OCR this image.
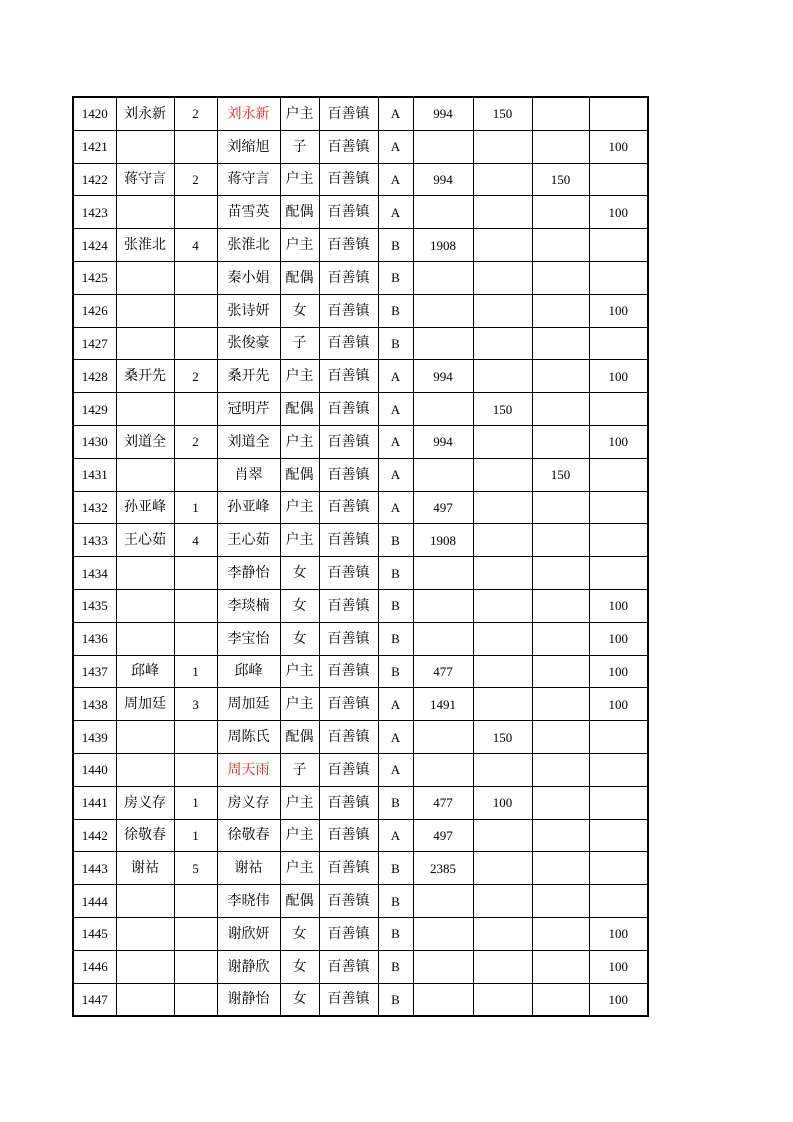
1420	刘永新	2	刘永新	户主	百善镇	A	994	150		
1421			刘缩旭	子	百善镇	A				100
1422	蒋守言	2	蒋守言	户主	百善镇	A	994		150	
1423			苗雪英	配偶	百善镇	A				100
1424	张淮北	4	张淮北	户主	百善镇	B	1908			
1425			秦小娟	配偶	百善镇	B				
1426			张诗妍	女	百善镇	B				100
1427			张俊豪	子	百善镇	B				
1428	桑开先	2	桑开先	户主	百善镇	A	994			100
1429			冠明芹	配偶	百善镇	A		150		
1430	刘道全	2	刘道全	户主	百善镇	A	994			100
1431			肖翠	配偶	百善镇	A			150	
1432	孙亚峰	1	孙亚峰	户主	百善镇	A	497			
1433	王心茹	4	王心茹	户主	百善镇	B	1908			
1434			李静怡	女	百善镇	B				
1435			李琰楠	女	百善镇	B				100
1436			李宝怡	女	百善镇	B				100
1437	邱峰	1	邱峰	户主	百善镇	B	477			100
1438	周加廷	3	周加廷	户主	百善镇	A	1491			100
1439			周陈氏	配偶	百善镇	A		150		
1440			周天雨	子	百善镇	A				
1441	房义存	1	房义存	户主	百善镇	B	477	100		
1442	徐敬春	1	徐敬春	户主	百善镇	A	497			
1443	谢祜	5	谢祜	户主	百善镇	B	2385			
1444			李晓伟	配偶	百善镇	B				
1445			谢欣妍	女	百善镇	B				100
1446			谢静欣	女	百善镇	B				100
1447			谢静怡	女	百善镇	B				100
